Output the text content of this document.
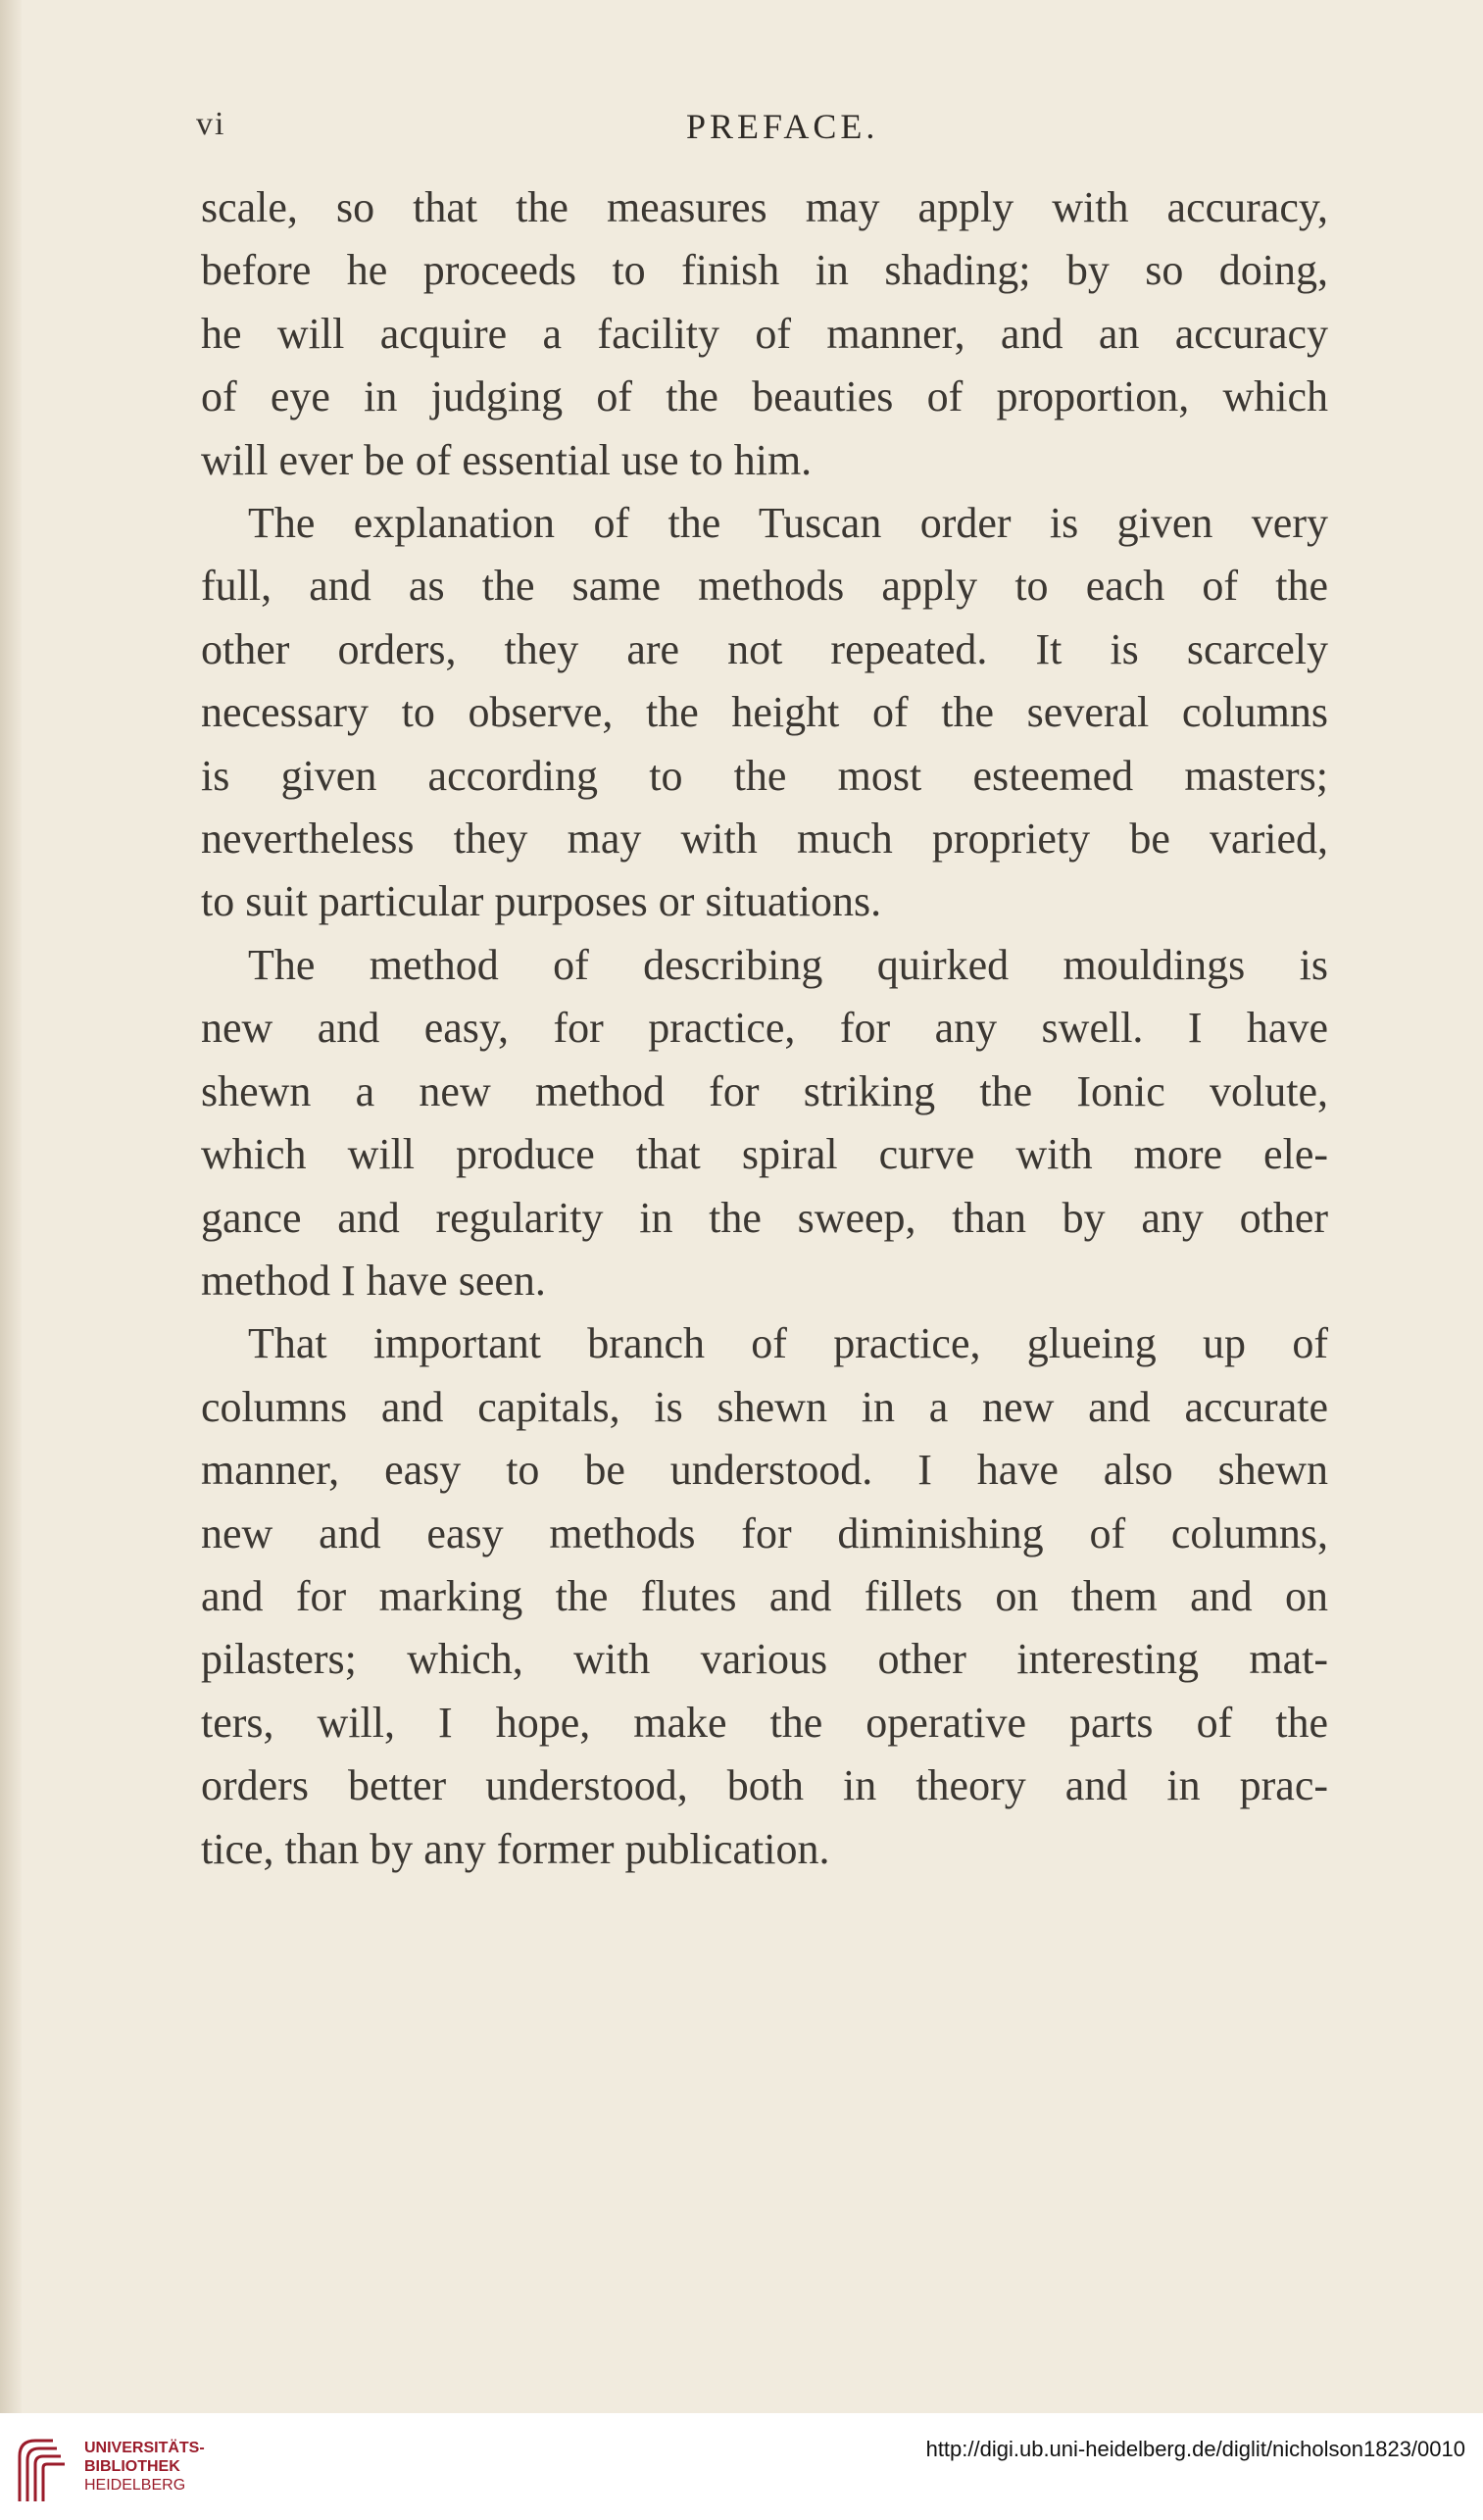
vi	PREFACE.

scale, so that the measures may apply with accuracy,
before he proceeds to finish in shading; by so doing,
he will acquire a facility of manner, and an accuracy
of eye in judging of the beauties of proportion, which
will ever be of essential use to him.

The explanation of the Tuscan order is given very
full, and as the same methods apply to each of the
other orders, they are not repeated. It is scarcely
necessary to observe, the height of the several columns
is given according to the most esteemed masters;
nevertheless they may with much propriety be varied,
to suit particular purposes or situations.

The method of describing quirked mouldings is
new and easy, for practice, for any swell. I have
shewn a new method for striking the Ionic volute,
which will produce that spiral curve with more ele-
gance and regularity in the sweep, than by any other
method I have seen.

That important branch of practice, glueing up of
columns and capitals, is shewn in a new and accurate
manner, easy to be understood. I have also shewn
new and easy methods for diminishing of columns,
and for marking the flutes and fillets on them and on
pilasters; which, with various other interesting mat-
ters, will, I hope, make the operative parts of the
orders better understood, both in theory and in prac-
tice, than by any former publication.

UNIVERSITÄTS-
BIBLIOTHEK
HEIDELBERG
http://digi.ub.uni-heidelberg.de/diglit/nicholson1823/0010
